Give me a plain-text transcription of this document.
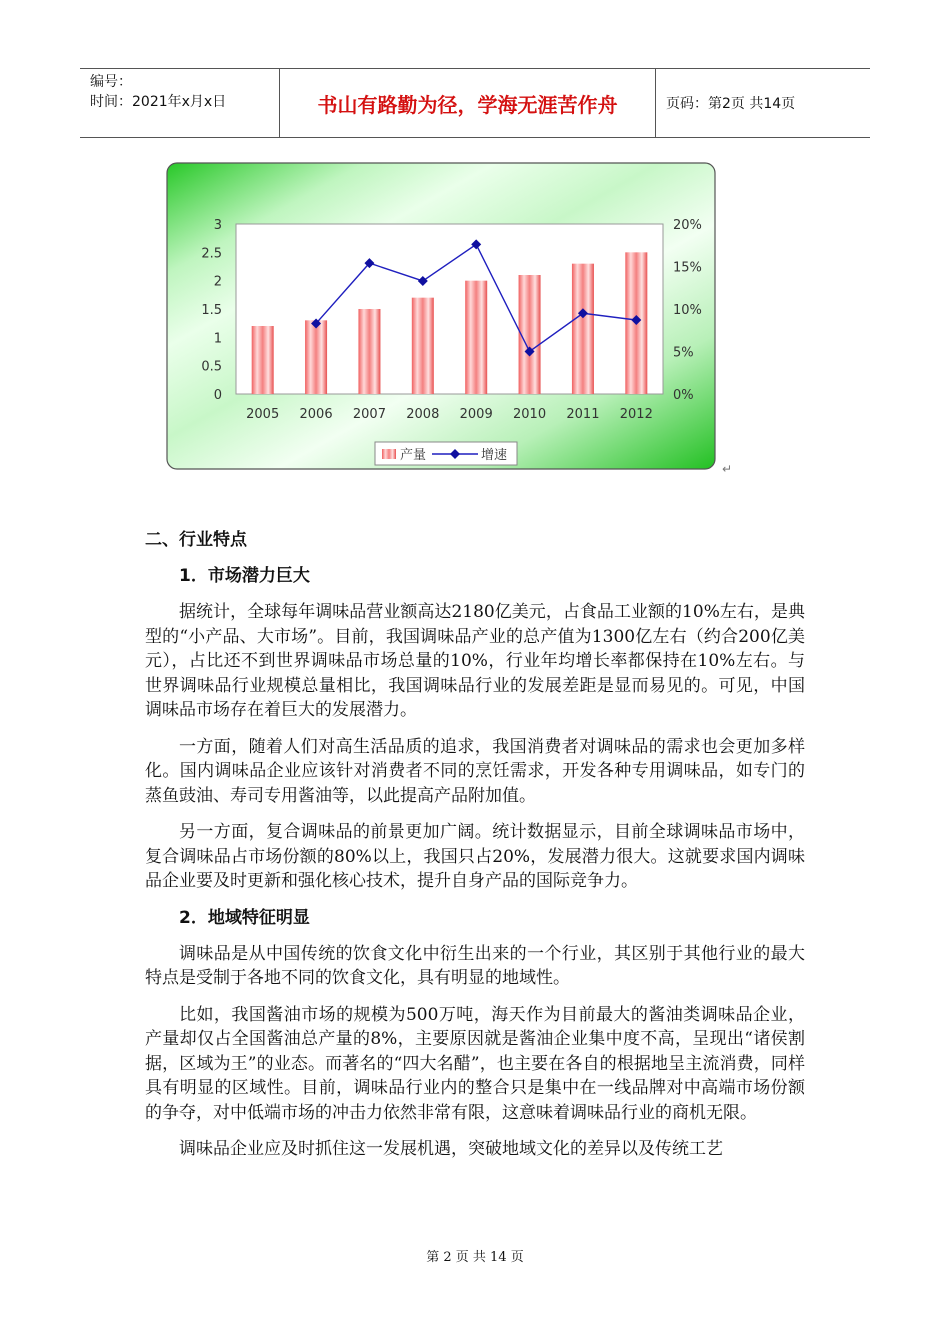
编号：
时间：2021年x月x日	书山有路勤为径，学海无涯苦作舟	页码：第2页 共14页
0
0.5
1
1.5
2
2.5
3
0%
5%
10%
15%
20%
2005 2006 2007 2008 2009 2010 2011 2012
产量	增速
↵
二、行业特点
1．市场潜力巨大

据统计，全球每年调味品营业额高达2180亿美元，占食品工业额的10%左右，是典型的“小产品、大市场”。目前，我国调味品产业的总产值为1300亿左右（约合200亿美元），占比还不到世界调味品市场总量的10%，行业年均增长率都保持在10%左右。与世界调味品行业规模总量相比，我国调味品行业的发展差距是显而易见的。可见，中国调味品市场存在着巨大的发展潜力。

一方面，随着人们对高生活品质的追求，我国消费者对调味品的需求也会更加多样化。国内调味品企业应该针对消费者不同的烹饪需求，开发各种专用调味品，如专门的蒸鱼豉油、寿司专用酱油等，以此提高产品附加值。

另一方面，复合调味品的前景更加广阔。统计数据显示，目前全球调味品市场中，复合调味品占市场份额的80%以上，我国只占20%，发展潜力很大。这就要求国内调味品企业要及时更新和强化核心技术，提升自身产品的国际竞争力。

2．地域特征明显

调味品是从中国传统的饮食文化中衍生出来的一个行业，其区别于其他行业的最大特点是受制于各地不同的饮食文化，具有明显的地域性。

比如，我国酱油市场的规模为500万吨，海天作为目前最大的酱油类调味品企业，产量却仅占全国酱油总产量的8%，主要原因就是酱油企业集中度不高，呈现出“诸侯割据，区域为王”的业态。而著名的“四大名醋”，也主要在各自的根据地呈主流消费，同样具有明显的区域性。目前，调味品行业内的整合只是集中在一线品牌对中高端市场份额的争夺，对中低端市场的冲击力依然非常有限，这意味着调味品行业的商机无限。

调味品企业应及时抓住这一发展机遇，突破地域文化的差异以及传统工艺

第 2 页 共 14 页
